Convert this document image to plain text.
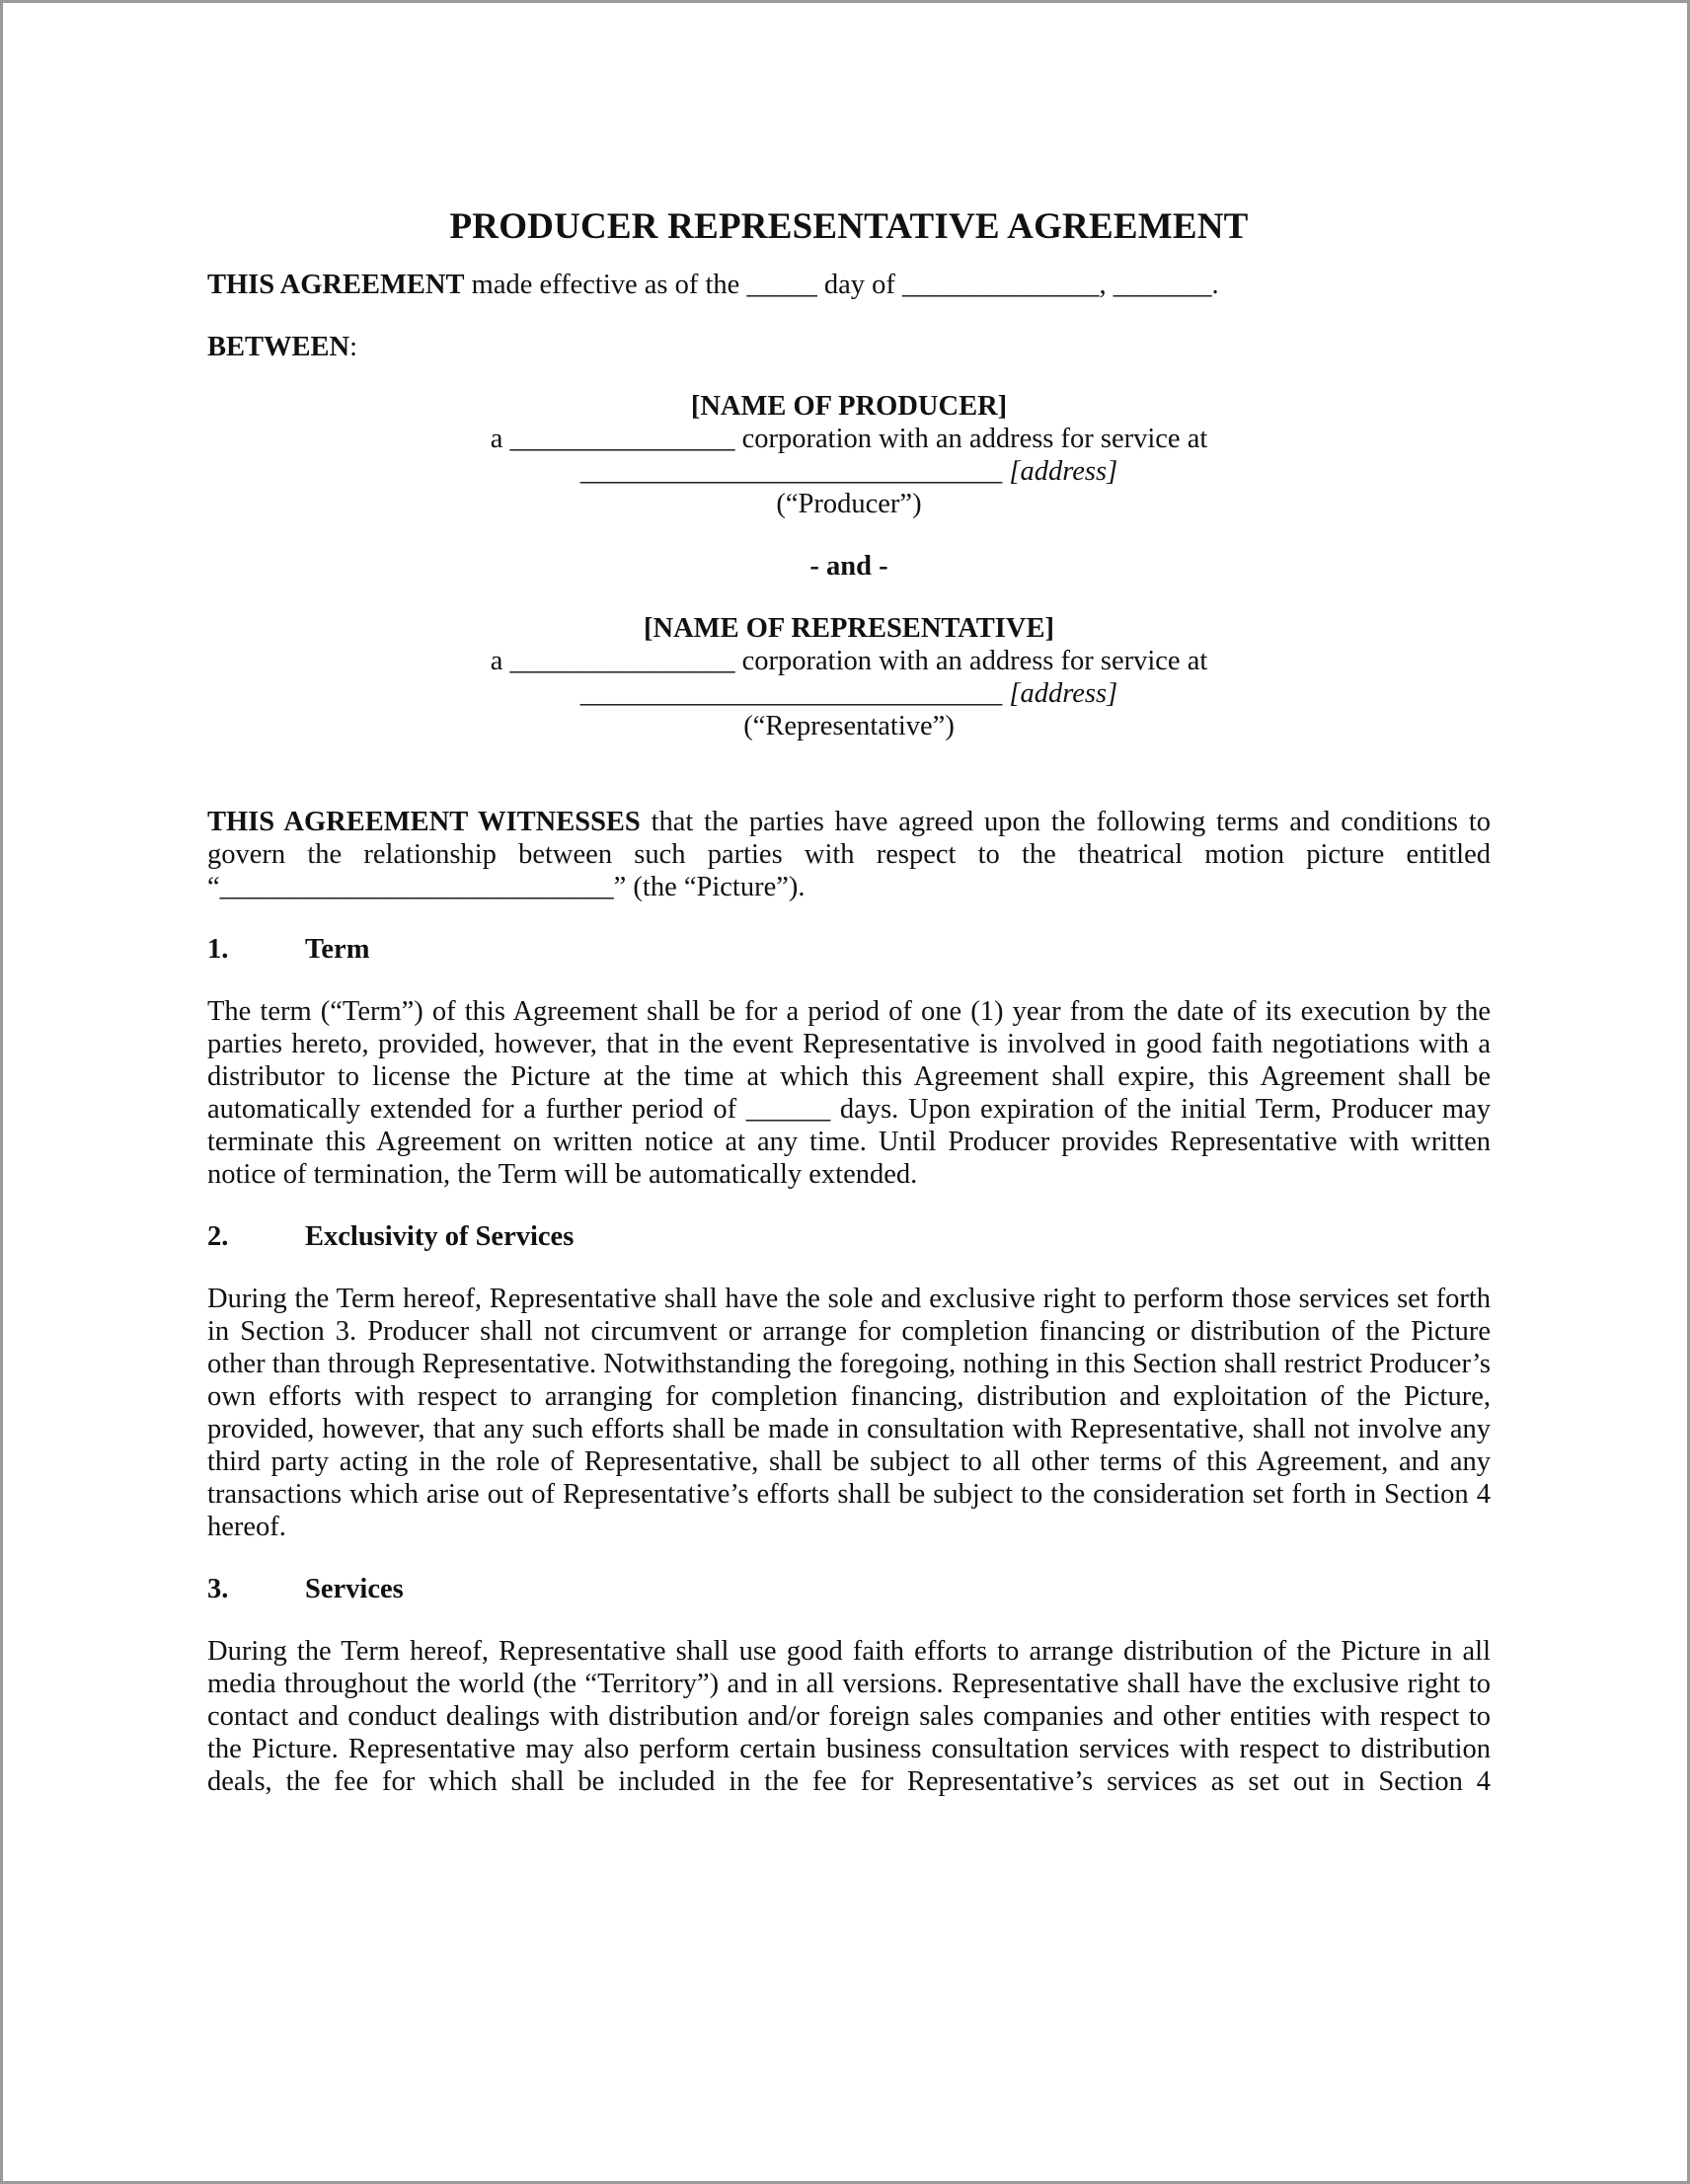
PRODUCER REPRESENTATIVE AGREEMENT

THIS AGREEMENT made effective as of the _____ day of ______________, _______.

BETWEEN:

[NAME OF PRODUCER]

a ________________ corporation with an address for service at

______________________________ [address]

(“Producer”)

- and -

[NAME OF REPRESENTATIVE]

a ________________ corporation with an address for service at

______________________________ [address]

(“Representative”)

THIS AGREEMENT WITNESSES that the parties have agreed upon the following terms and conditions to govern the relationship between such parties with respect to the theatrical motion picture entitled “____________________________” (the “Picture”).

1.	Term

The term (“Term”) of this Agreement shall be for a period of one (1) year from the date of its execution by the parties hereto, provided, however, that in the event Representative is involved in good faith negotiations with a distributor to license the Picture at the time at which this Agreement shall expire, this Agreement shall be automatically extended for a further period of ______ days. Upon expiration of the initial Term, Producer may terminate this Agreement on written notice at any time. Until Producer provides Representative with written notice of termination, the Term will be automatically extended.

2.	Exclusivity of Services

During the Term hereof, Representative shall have the sole and exclusive right to perform those services set forth in Section 3. Producer shall not circumvent or arrange for completion financing or distribution of the Picture other than through Representative. Notwithstanding the foregoing, nothing in this Section shall restrict Producer’s own efforts with respect to arranging for completion financing, distribution and exploitation of the Picture, provided, however, that any such efforts shall be made in consultation with Representative, shall not involve any third party acting in the role of Representative, shall be subject to all other terms of this Agreement, and any transactions which arise out of Representative’s efforts shall be subject to the consideration set forth in Section 4 hereof.

3.	Services

During the Term hereof, Representative shall use good faith efforts to arrange distribution of the Picture in all media throughout the world (the “Territory”) and in all versions. Representative shall have the exclusive right to contact and conduct dealings with distribution and/or foreign sales companies and other entities with respect to the Picture. Representative may also perform certain business consultation services with respect to distribution deals, the fee for which shall be included in the fee for Representative’s services as set out in Section 4
